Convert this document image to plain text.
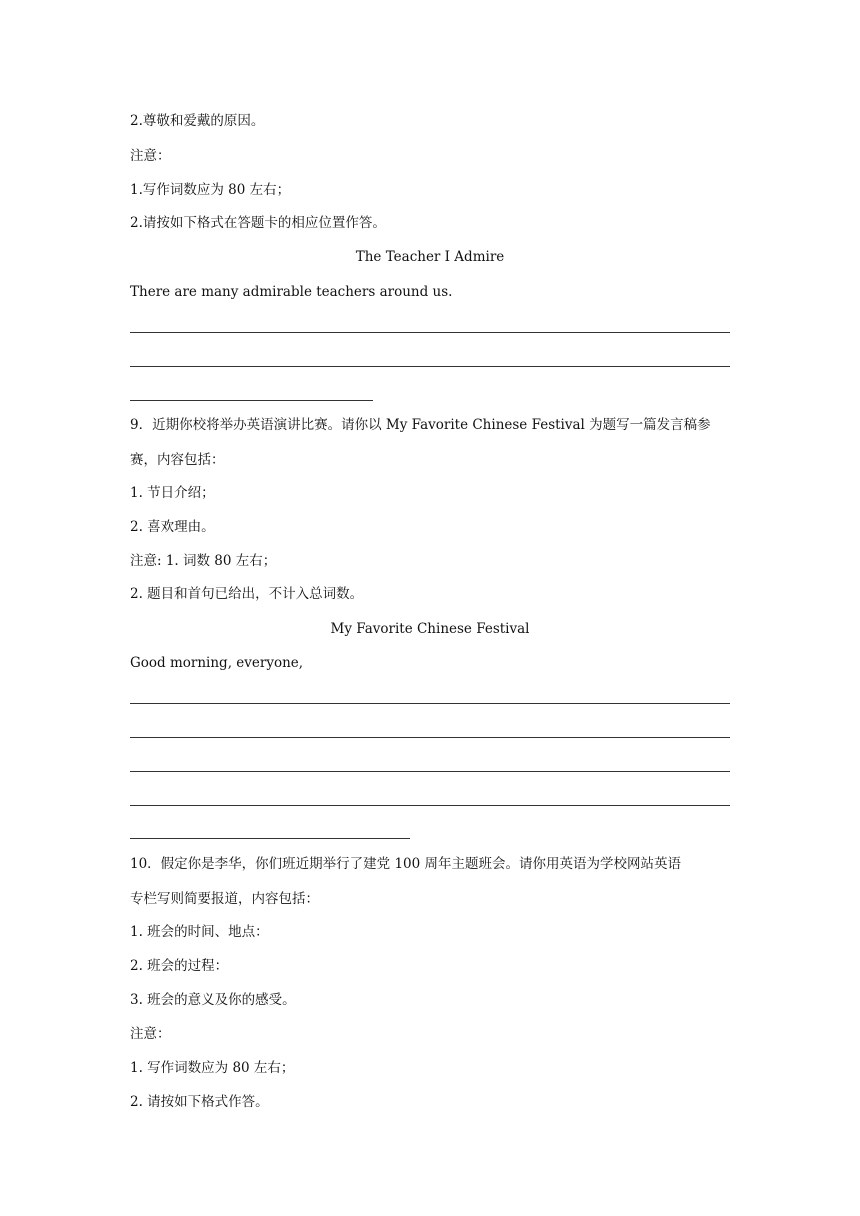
2.尊敬和爱戴的原因。
注意：
1.写作词数应为 80 左右；
2.请按如下格式在答题卡的相应位置作答。
The Teacher I Admire
There are many admirable teachers around us.
9．近期你校将举办英语演讲比赛。请你以 My Favorite Chinese Festival 为题写一篇发言稿参
赛，内容包括：
1. 节日介绍；
2. 喜欢理由。
注意: 1. 词数 80 左右；
2. 题目和首句已给出，不计入总词数。
My Favorite Chinese Festival
Good morning, everyone,
10．假定你是李华，你们班近期举行了建党 100 周年主题班会。请你用英语为学校网站英语
专栏写则简要报道，内容包括：
1. 班会的时间、地点：
2. 班会的过程：
3. 班会的意义及你的感受。
注意：
1. 写作词数应为 80 左右；
2. 请按如下格式作答。
